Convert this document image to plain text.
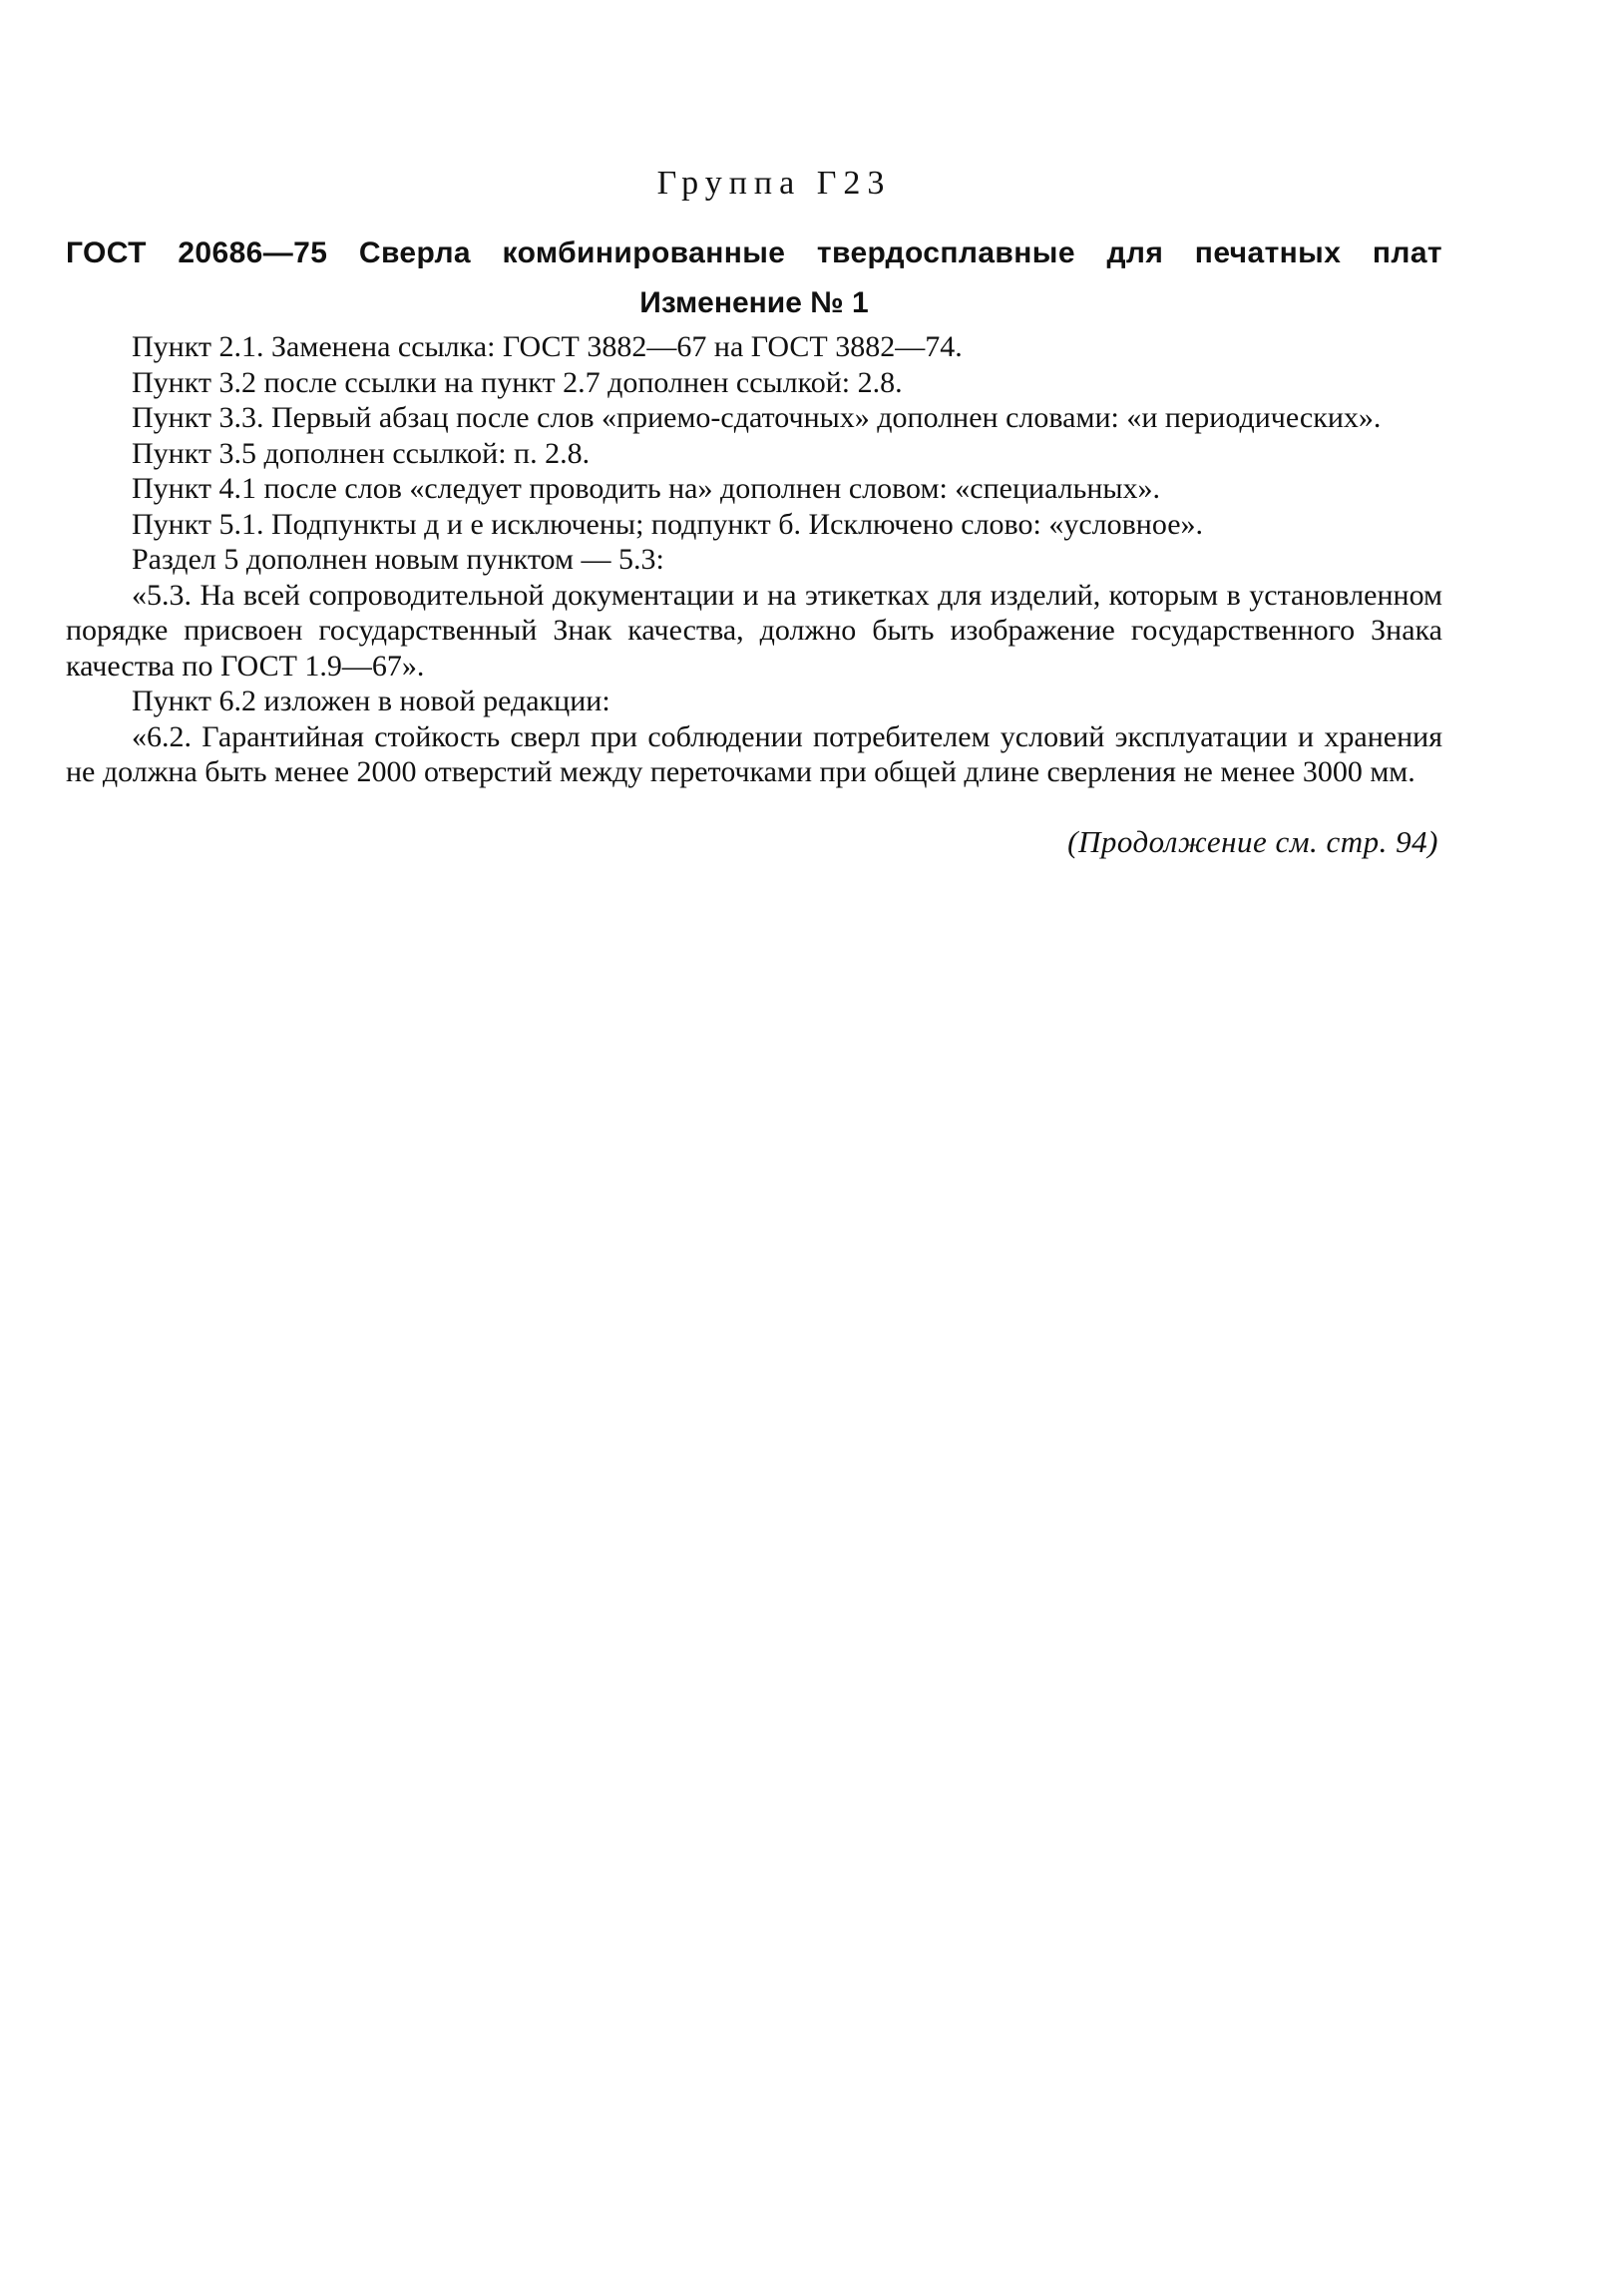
Группа Г23
ГОСТ 20686—75 Сверла комбинированные твердосплавные для печатных плат
Изменение № 1

Пункт 2.1. Заменена ссылка: ГОСТ 3882—67 на ГОСТ 3882—74.

Пункт 3.2 после ссылки на пункт 2.7 дополнен ссылкой: 2.8.

Пункт 3.3. Первый абзац после слов «приемо-сдаточных» дополнен словами: «и периодических».

Пункт 3.5 дополнен ссылкой: п. 2.8.

Пункт 4.1 после слов «следует проводить на» дополнен словом: «специальных».

Пункт 5.1. Подпункты д и е исключены; подпункт б. Исключено слово: «условное».

Раздел 5 дополнен новым пунктом — 5.3:

«5.3. На всей сопроводительной документации и на этикетках для изделий, которым в установленном порядке присвоен государственный Знак качества, должно быть изображение государственного Знака качества по ГОСТ 1.9—67».

Пункт 6.2 изложен в новой редакции:

«6.2. Гарантийная стойкость сверл при соблюдении потребителем условий эксплуатации и хранения не должна быть менее 2000 отверстий между переточками при общей длине сверления не менее 3000 мм.

(Продолжение см. стр. 94)
